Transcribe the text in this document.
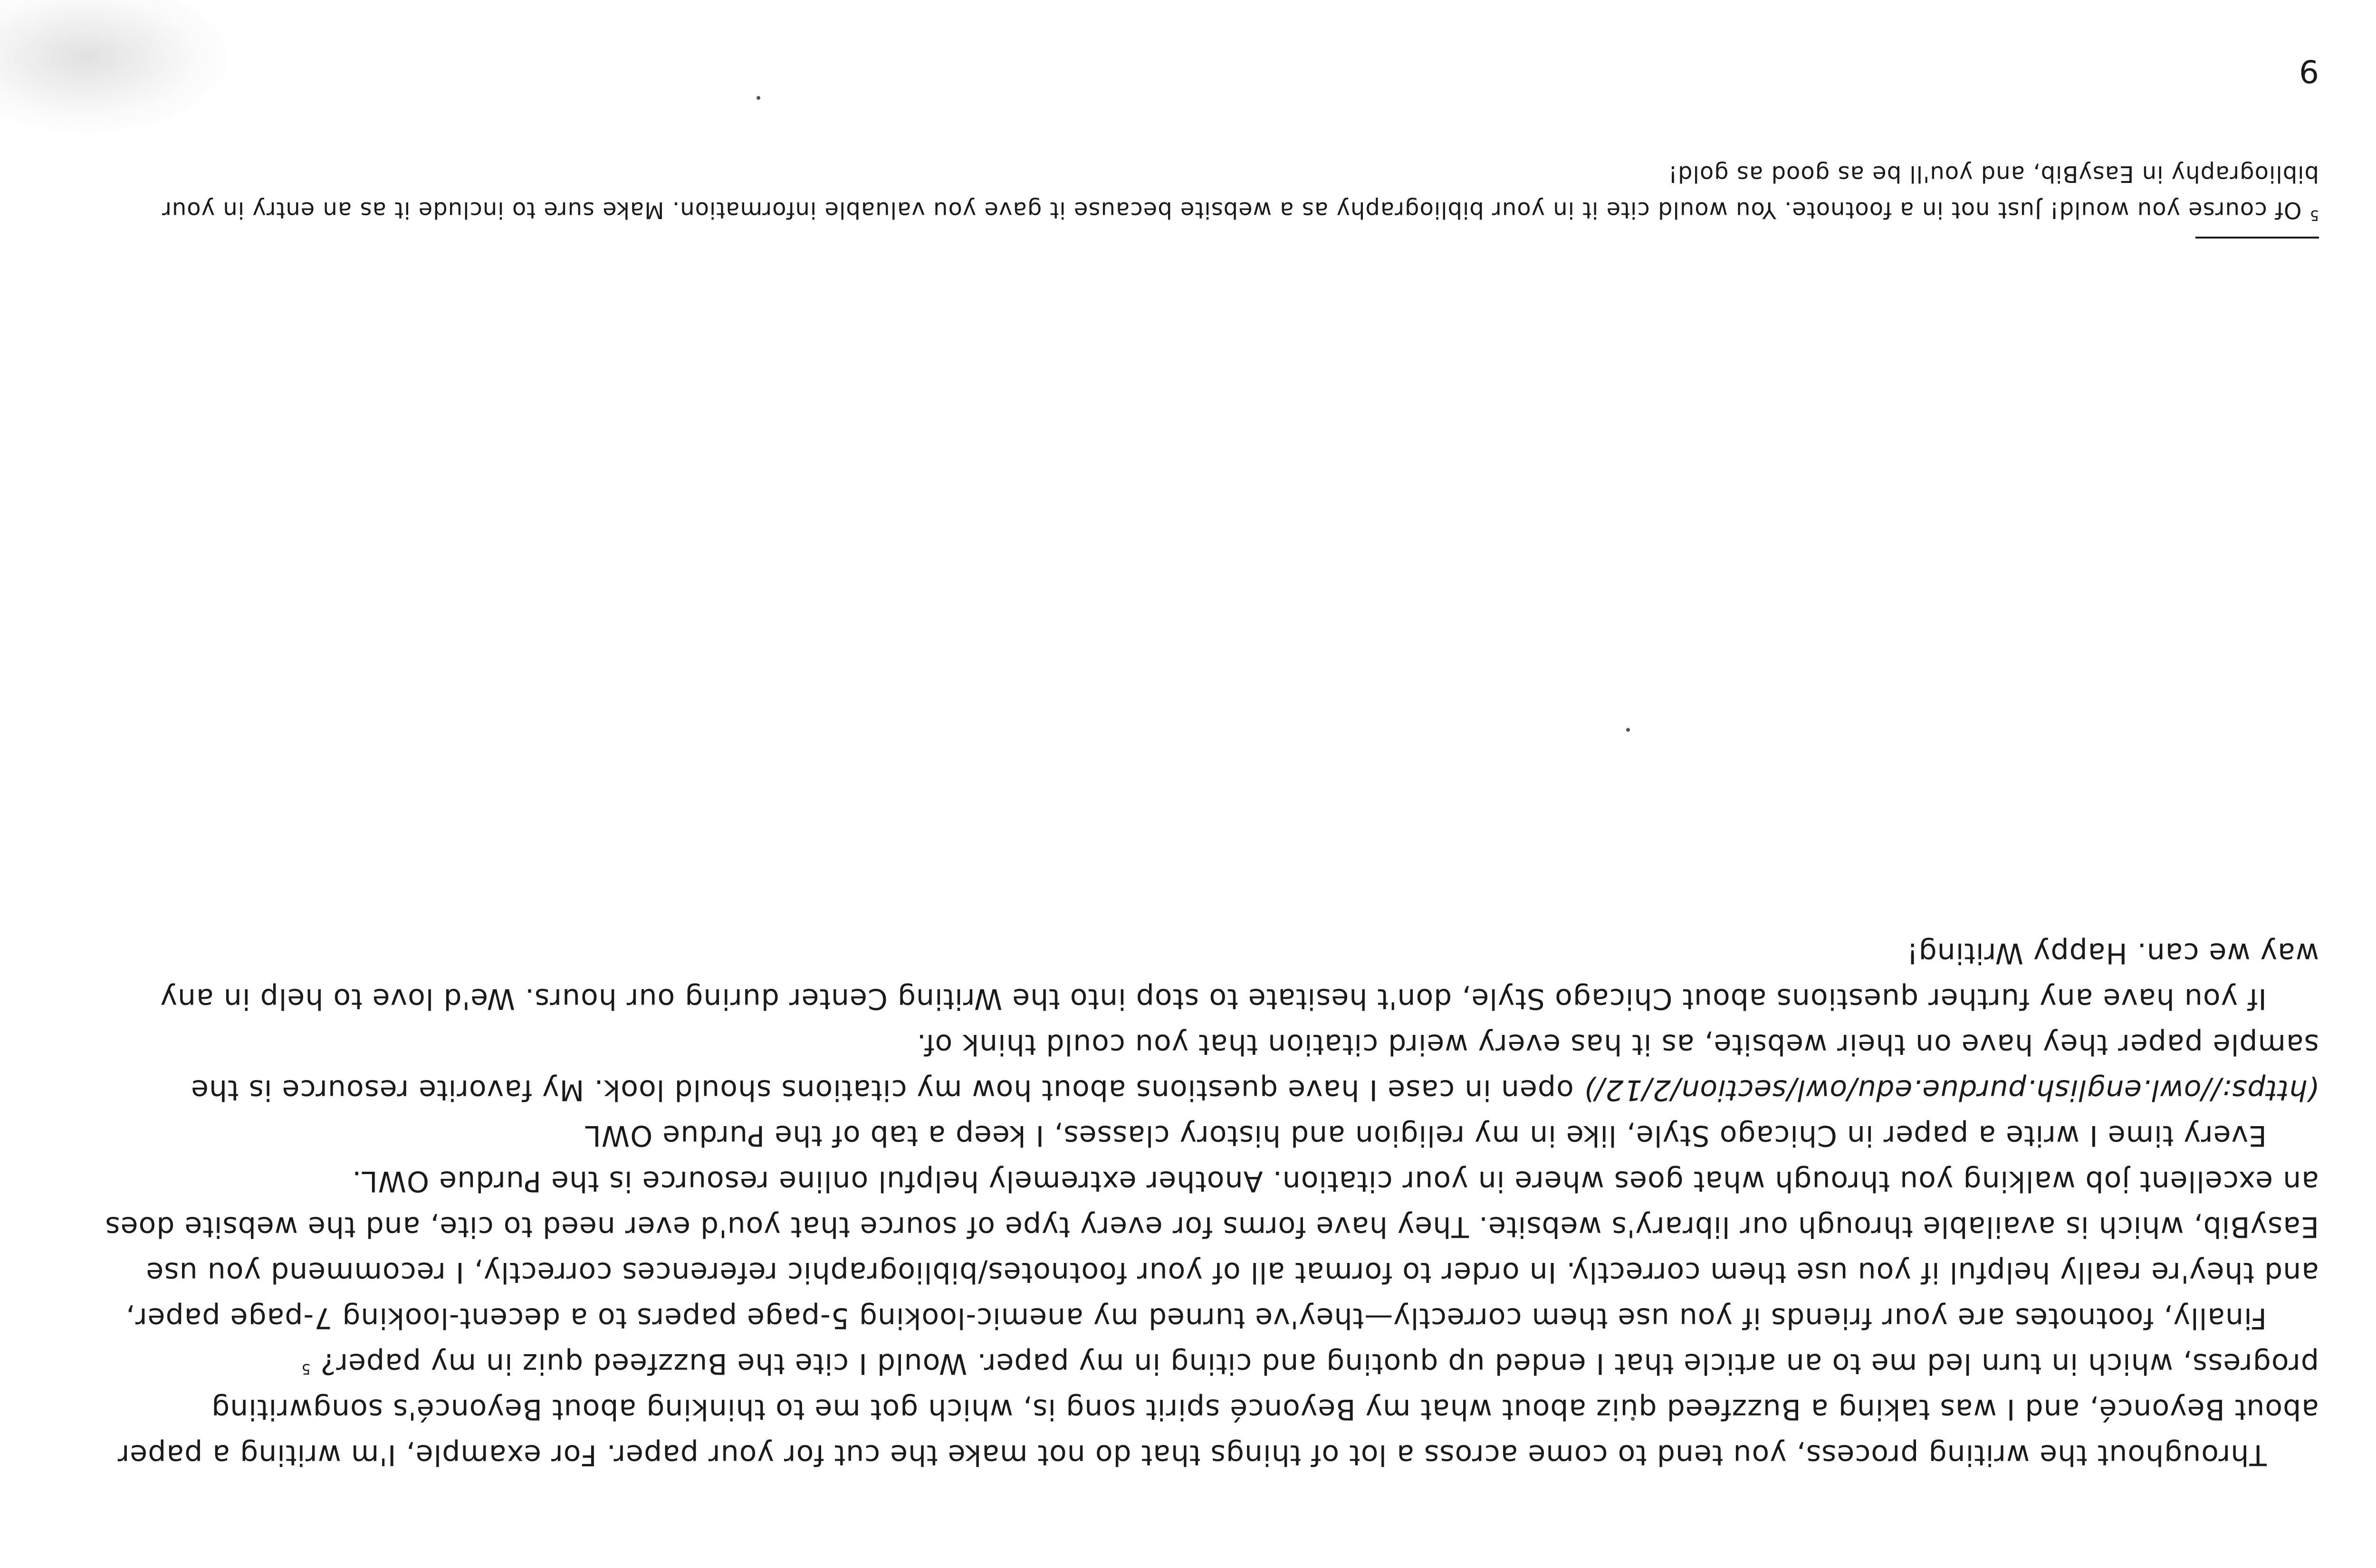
Throughout the writing process, you tend to come across a lot of things that do not make the cut for your paper. For example, I'm writing a paper about Beyoncé, and I was taking a Buzzfeed quiz about what my Beyoncé spirit song is, which got me to thinking about Beyoncé's songwriting progress, which in turn led me to an article that I ended up quoting and citing in my paper. Would I cite the Buzzfeed quiz in my paper? $^5$

Finally, footnotes are your friends if you use them correctly—they've turned my anemic-looking 5-page papers to a decent-looking 7-page paper, and they're really helpful if you use them correctly. In order to format all of your footnotes/bibliographic references correctly, I recommend you use EasyBib, which is available through our library's website. They have forms for every type of source that you'd ever need to cite, and the website does an excellent job walking you through what goes where in your citation. Another extremely helpful online resource is the Purdue OWL.

Every time I write a paper in Chicago Style, like in my religion and history classes, I keep a tab of the Purdue OWL (https://owl.english.purdue.edu/owl/section/2/12/) open in case I have questions about how my citations should look. My favorite resource is the sample paper they have on their website, as it has every weird citation that you could think of.

If you have any further questions about Chicago Style, don't hesitate to stop into the Writing Center during our hours. We'd love to help in any way we can. Happy Writing!

$^5$ Of course you would! Just not in a footnote. You would cite it in your bibliography as a website because it gave you valuable information. Make sure to include it as an entry in your bibliography in EasyBib, and you'll be as good as gold!
9
